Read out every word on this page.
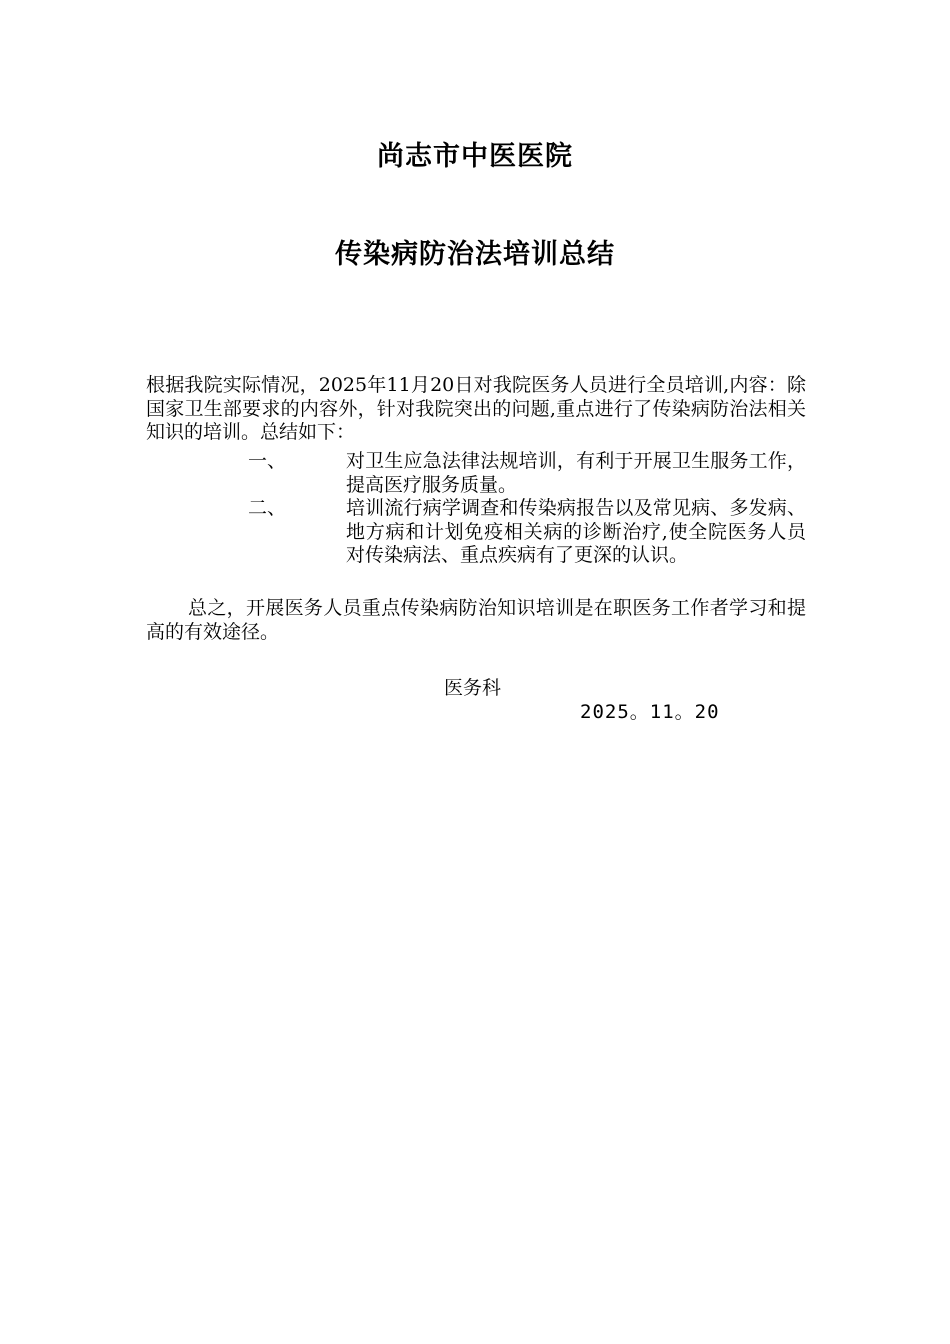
尚志市中医医院
传染病防治法培训总结
根据我院实际情况，2025年11月20日对我院医务人员进行全员培训,内容：除国家卫生部要求的内容外，针对我院突出的问题,重点进行了传染病防治法相关知识的培训。总结如下：
一、	对卫生应急法律法规培训，有利于开展卫生服务工作，提高医疗服务质量。
二、	培训流行病学调查和传染病报告以及常见病、多发病、地方病和计划免疫相关病的诊断治疗,使全院医务人员对传染病法、重点疾病有了更深的认识。
总之，开展医务人员重点传染病防治知识培训是在职医务工作者学习和提高的有效途径。
医务科
2025。11。20
